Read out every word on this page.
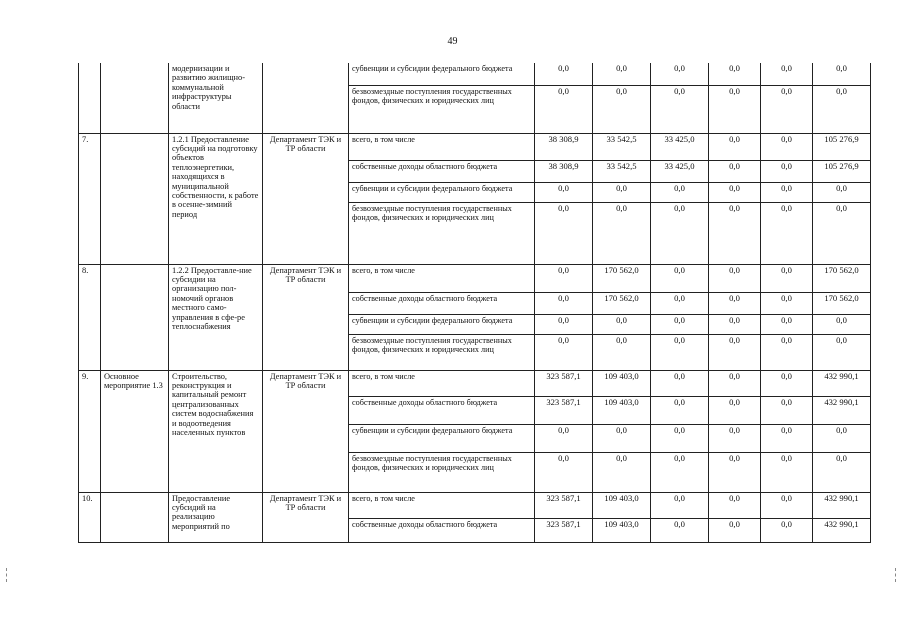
49
		модернизации и развитию жилищно-коммунальной инфраструктуры области		субвенции и субсидии федерального бюджета	0,0	0,0	0,0	0,0	0,0	0,0
				безвозмездные поступления государственных фондов, физических и юридических лиц	0,0	0,0	0,0	0,0	0,0	0,0
7.		1.2.1 Предоставление субсидий на подготовку объектов теплоэнергетики, находящихся в муниципальной собственности, к работе в осенне-зимний период	Департамент ТЭК и ТР области	всего, в том числе	38 308,9	33 542,5	33 425,0	0,0	0,0	105 276,9
				собственные доходы областного бюджета	38 308,9	33 542,5	33 425,0	0,0	0,0	105 276,9
				субвенции и субсидии федерального бюджета	0,0	0,0	0,0	0,0	0,0	0,0
				безвозмездные поступления государственных фондов, физических и юридических лиц	0,0	0,0	0,0	0,0	0,0	0,0
8.		1.2.2 Предоставле-ние субсидии на организацию пол-номочий органов местного само-управления в сфе-ре теплоснабжения	Департамент ТЭК и ТР области	всего, в том числе	0,0	170 562,0	0,0	0,0	0,0	170 562,0
				собственные доходы областного бюджета	0,0	170 562,0	0,0	0,0	0,0	170 562,0
				субвенции и субсидии федерального бюджета	0,0	0,0	0,0	0,0	0,0	0,0
				безвозмездные поступления государственных фондов, физических и юридических лиц	0,0	0,0	0,0	0,0	0,0	0,0
9.	Основное мероприятие 1.3	Строительство, реконструкция и капитальный ремонт централизованных систем водоснабжения и водоотведения населенных пунктов	Департамент ТЭК и ТР области	всего, в том числе	323 587,1	109 403,0	0,0	0,0	0,0	432 990,1
				собственные доходы областного бюджета	323 587,1	109 403,0	0,0	0,0	0,0	432 990,1
				субвенции и субсидии федерального бюджета	0,0	0,0	0,0	0,0	0,0	0,0
				безвозмездные поступления государственных фондов, физических и юридических лиц	0,0	0,0	0,0	0,0	0,0	0,0
10.		Предоставление субсидий на реализацию мероприятий по	Департамент ТЭК и ТР области	всего, в том числе	323 587,1	109 403,0	0,0	0,0	0,0	432 990,1
				собственные доходы областного бюджета	323 587,1	109 403,0	0,0	0,0	0,0	432 990,1
